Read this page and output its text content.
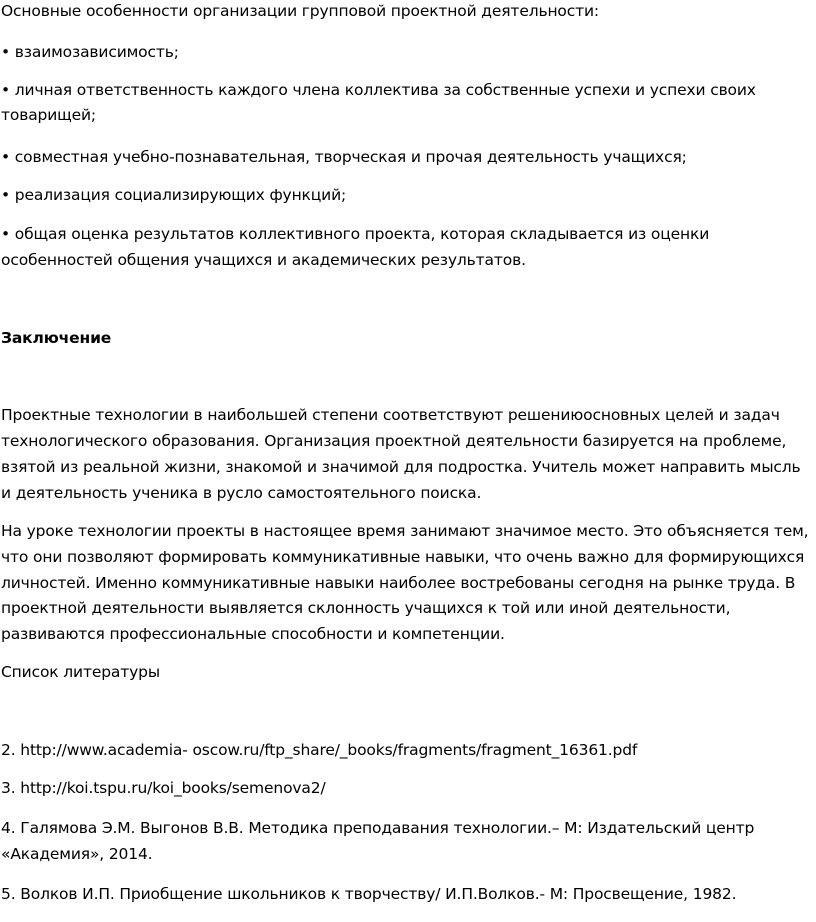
Основные особенности организации групповой проектной деятельности:
• взаимозависимость;
• личная ответственность каждого члена коллектива за собственные успехи и успехи своих
товарищей;
• совместная учебно-познавательная, творческая и прочая деятельность учащихся;
• реализация социализирующих функций;
• общая оценка результатов коллективного проекта, которая складывается из оценки
особенностей общения учащихся и академических результатов.
Заключение
Проектные технологии в наибольшей степени соответствуют решениюосновных целей и задач
технологического образования. Организация проектной деятельности базируется на проблеме,
взятой из реальной жизни, знакомой и значимой для подростка. Учитель может направить мысль
и деятельность ученика в русло самостоятельного поиска.
На уроке технологии проекты в настоящее время занимают значимое место. Это объясняется тем,
что они позволяют формировать коммуникативные навыки, что очень важно для формирующихся
личностей. Именно коммуникативные навыки наиболее востребованы сегодня на рынке труда. В
проектной деятельности выявляется склонность учащихся к той или иной деятельности,
развиваются профессиональные способности и компетенции.
Список литературы
2. http://www.academia- oscow.ru/ftp_share/_books/fragments/fragment_16361.pdf
3. http://koi.tspu.ru/koi_books/semenova2/
4. Галямова Э.М. Выгонов В.В. Методика преподавания технологии.– М: Издательский центр
«Академия», 2014.
5. Волков И.П. Приобщение школьников к творчеству/ И.П.Волков.- М: Просвещение, 1982.
